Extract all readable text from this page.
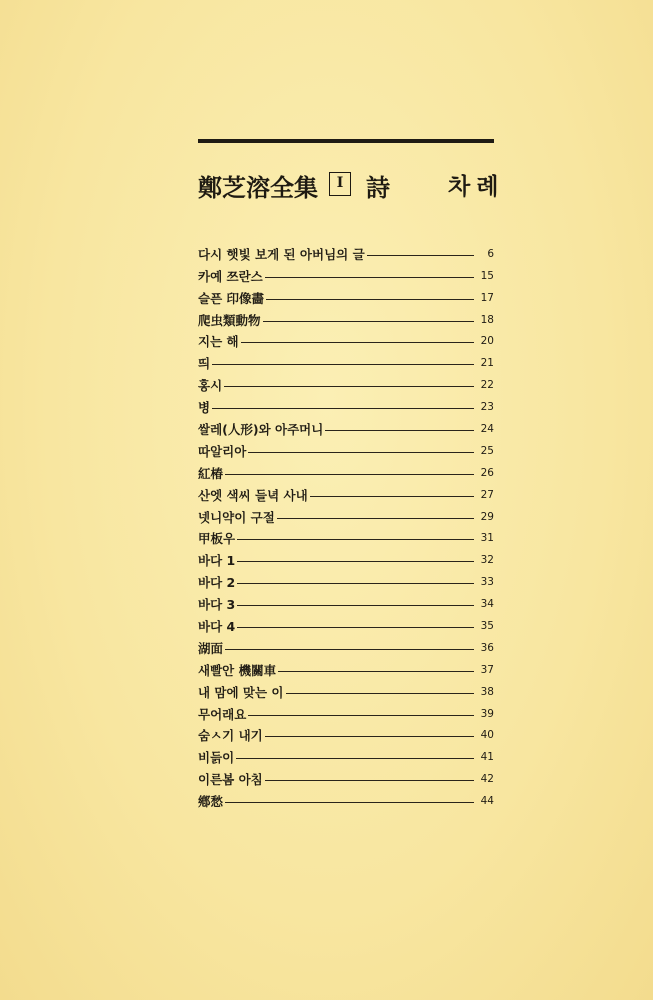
鄭芝溶全集	I 詩	차례
다시 햇빛 보게 된 아버님의 글	6
카예 쯔란스	15
슬픈 印像畵	17
爬虫類動物	18
지는 해	20
띄	21
홍시	22
병	23
쌀레(人形)와 아주머니	24
따알리아	25
紅椿	26
산엣 색씨 들녁 사내	27
넷니약이 구절	29
甲板우	31
바다 1	32
바다 2	33
바다 3	34
바다 4	35
湖面	36
새빨안 機關車	37
내 맘에 맞는 이	38
무어래요	39
숨ㅅ기 내기	40
비듥이	41
이른봄 아침	42
鄕愁	44
